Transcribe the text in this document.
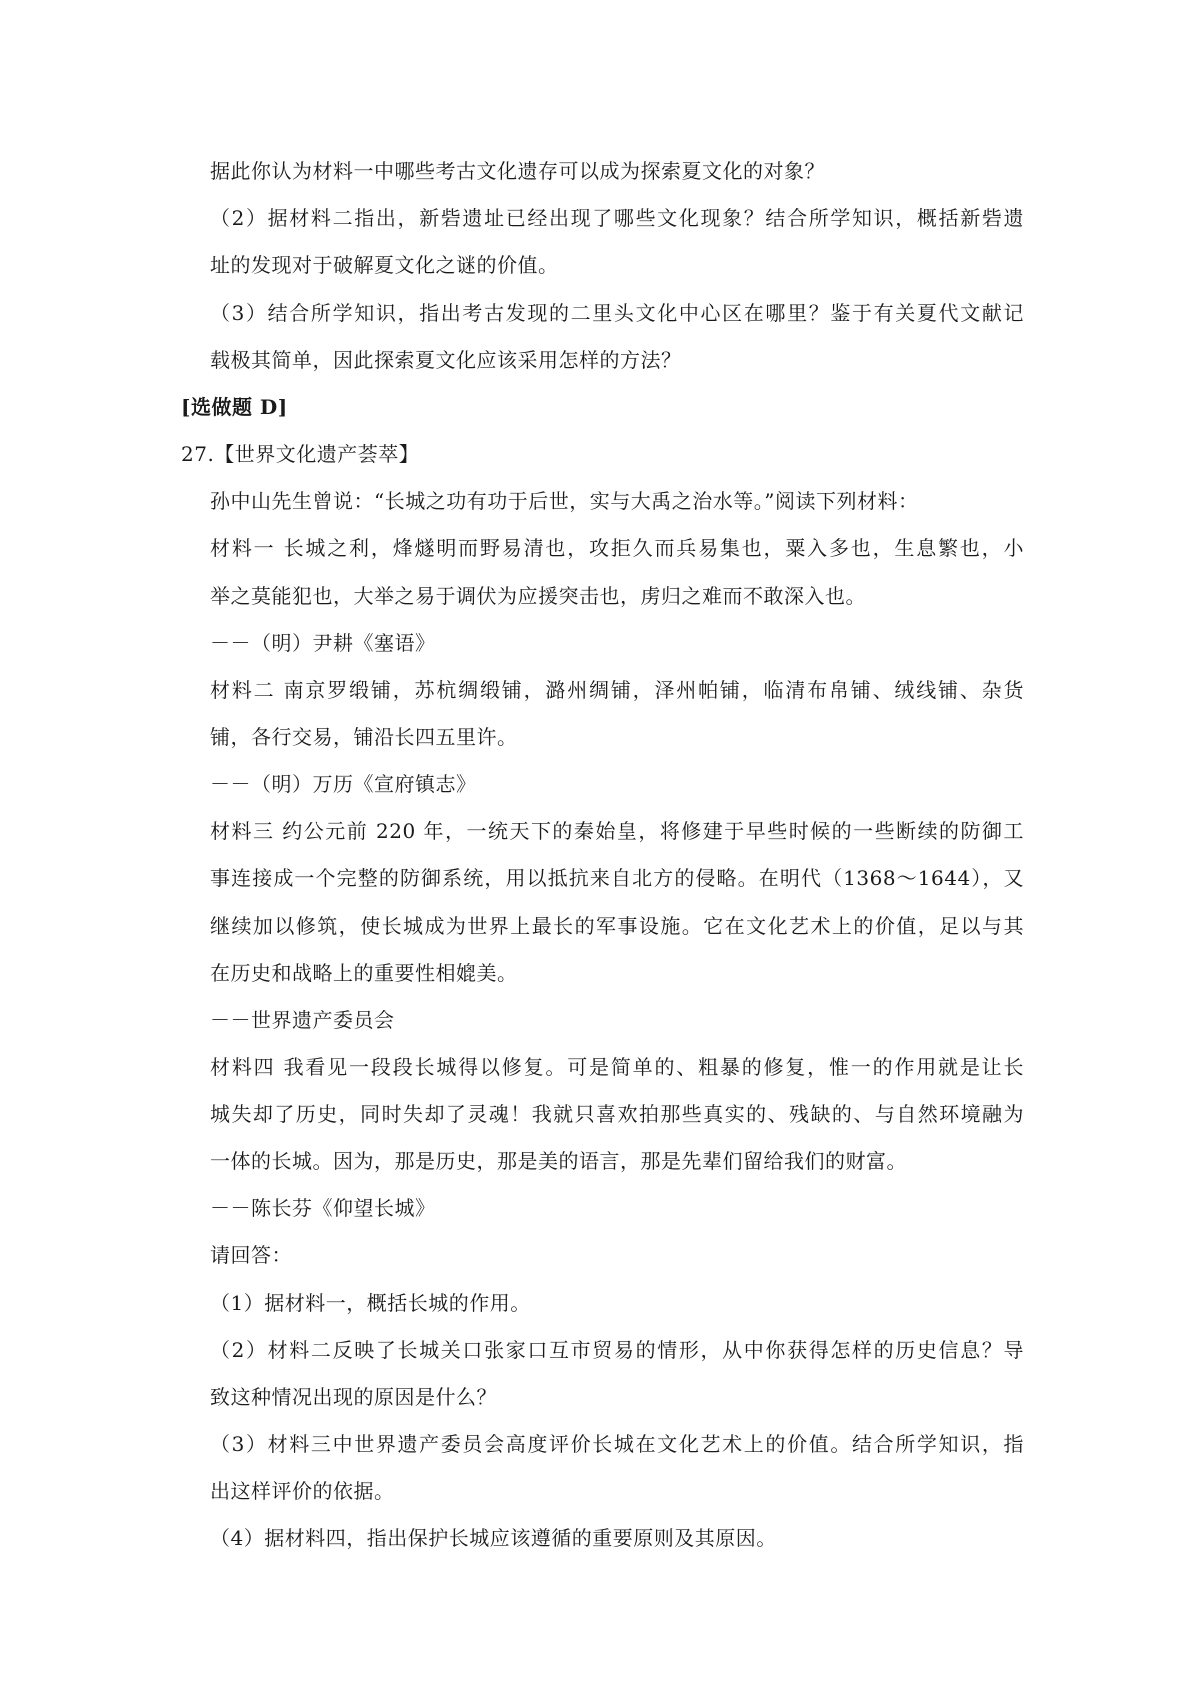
据此你认为材料一中哪些考古文化遗存可以成为探索夏文化的对象？
（2）据材料二指出，新砦遗址已经出现了哪些文化现象？结合所学知识，概括新砦遗
址的发现对于破解夏文化之谜的价值。
（3）结合所学知识，指出考古发现的二里头文化中心区在哪里？鉴于有关夏代文献记
载极其简单，因此探索夏文化应该采用怎样的方法？
[选做题 D]
27.【世界文化遗产荟萃】
孙中山先生曾说：“长城之功有功于后世，实与大禹之治水等。”阅读下列材料：
材料一 长城之利，烽燧明而野易清也，攻拒久而兵易集也，粟入多也，生息繁也，小
举之莫能犯也，大举之易于调伏为应援突击也，虏归之难而不敢深入也。
－－（明）尹耕《塞语》
材料二 南京罗缎铺，苏杭绸缎铺，潞州绸铺，泽州帕铺，临清布帛铺、绒线铺、杂货
铺，各行交易，铺沿长四五里许。
－－（明）万历《宣府镇志》
材料三 约公元前 220 年，一统天下的秦始皇，将修建于早些时候的一些断续的防御工
事连接成一个完整的防御系统，用以抵抗来自北方的侵略。在明代（1368～1644），又
继续加以修筑，使长城成为世界上最长的军事设施。它在文化艺术上的价值，足以与其
在历史和战略上的重要性相媲美。
－－世界遗产委员会
材料四 我看见一段段长城得以修复。可是简单的、粗暴的修复，惟一的作用就是让长
城失却了历史，同时失却了灵魂！我就只喜欢拍那些真实的、残缺的、与自然环境融为
一体的长城。因为，那是历史，那是美的语言，那是先辈们留给我们的财富。
－－陈长芬《仰望长城》
请回答：
（1）据材料一，概括长城的作用。
（2）材料二反映了长城关口张家口互市贸易的情形，从中你获得怎样的历史信息？导
致这种情况出现的原因是什么？
（3）材料三中世界遗产委员会高度评价长城在文化艺术上的价值。结合所学知识，指
出这样评价的依据。
（4）据材料四，指出保护长城应该遵循的重要原则及其原因。
